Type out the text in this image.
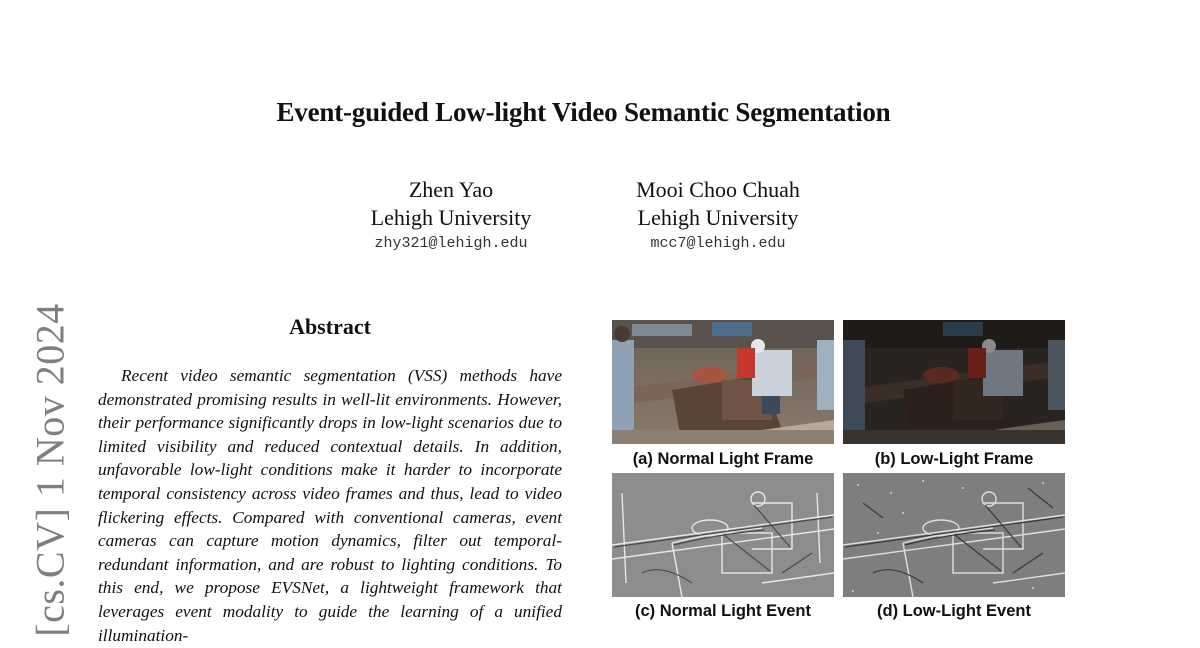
Event-guided Low-light Video Semantic Segmentation
Zhen Yao
Lehigh University
zhy321@lehigh.edu
Mooi Choo Chuah
Lehigh University
mcc7@lehigh.edu
[cs.CV] 1 Nov 2024	Abstract
Recent video semantic segmentation (VSS) methods have demonstrated promising results in well-lit environments. However, their performance significantly drops in low-light scenarios due to limited visibility and reduced contextual details. In addition, unfavorable low-light conditions make it harder to incorporate temporal consistency across video frames and thus, lead to video flickering effects. Compared with conventional cameras, event cameras can capture motion dynamics, filter out temporal-redundant information, and are robust to lighting conditions. To this end, we propose EVSNet, a lightweight framework that leverages event modality to guide the learning of a unified illumination-
(a) Normal Light Frame	(b) Low-Light Frame
(c) Normal Light Event	(d) Low-Light Event
